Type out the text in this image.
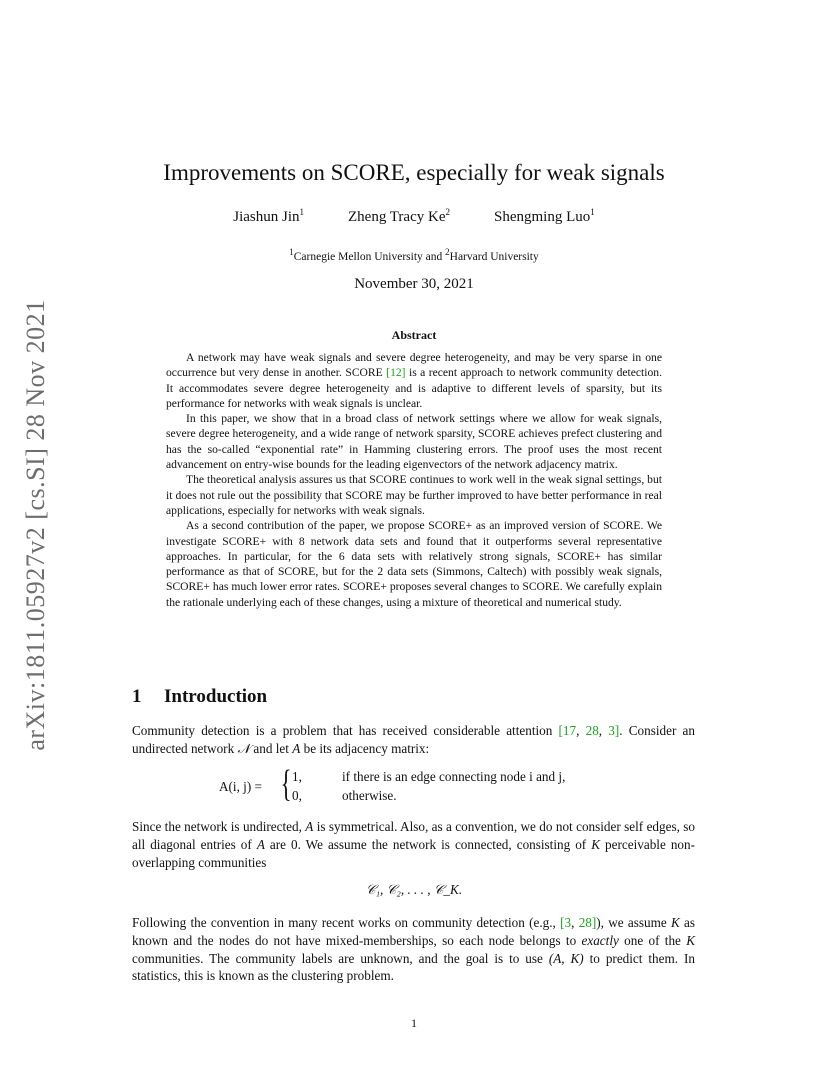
arXiv:1811.05927v2 [cs.SI] 28 Nov 2021
Improvements on SCORE, especially for weak signals
Jiashun Jin$^1$	Zheng Tracy Ke$^2$	Shengming Luo$^1$
$^1$Carnegie Mellon University and $^2$Harvard University
November 30, 2021
Abstract

A network may have weak signals and severe degree heterogeneity, and may be very sparse in one occurrence but very dense in another. SCORE [12] is a recent approach to network community detection. It accommodates severe degree heterogeneity and is adaptive to different levels of sparsity, but its performance for networks with weak signals is unclear.

In this paper, we show that in a broad class of network settings where we allow for weak signals, severe degree heterogeneity, and a wide range of network sparsity, SCORE achieves prefect clustering and has the so-called “exponential rate” in Hamming clustering errors. The proof uses the most recent advancement on entry-wise bounds for the leading eigenvectors of the network adjacency matrix.

The theoretical analysis assures us that SCORE continues to work well in the weak signal settings, but it does not rule out the possibility that SCORE may be further improved to have better performance in real applications, especially for networks with weak signals.

As a second contribution of the paper, we propose SCORE+ as an improved version of SCORE. We investigate SCORE+ with 8 network data sets and found that it outperforms several representative approaches. In particular, for the 6 data sets with relatively strong signals, SCORE+ has similar performance as that of SCORE, but for the 2 data sets (Simmons, Caltech) with possibly weak signals, SCORE+ has much lower error rates. SCORE+ proposes several changes to SCORE. We carefully explain the rationale underlying each of these changes, using a mixture of theoretical and numerical study.

1 Introduction
Community detection is a problem that has received considerable attention [17, 28, 3]. Consider an undirected network 𝒩 and let A be its adjacency matrix:
A(i, j) = { 1,	if there is an edge connecting node i and j,
0,	otherwise.
Since the network is undirected, A is symmetrical. Also, as a convention, we do not consider self edges, so all diagonal entries of A are 0. We assume the network is connected, consisting of K perceivable non-overlapping communities
𝒞₁, 𝒞₂, . . . , 𝒞_K.
Following the convention in many recent works on community detection (e.g., [3, 28]), we assume K as known and the nodes do not have mixed-memberships, so each node belongs to exactly one of the K communities. The community labels are unknown, and the goal is to use (A, K) to predict them. In statistics, this is known as the clustering problem.
1
